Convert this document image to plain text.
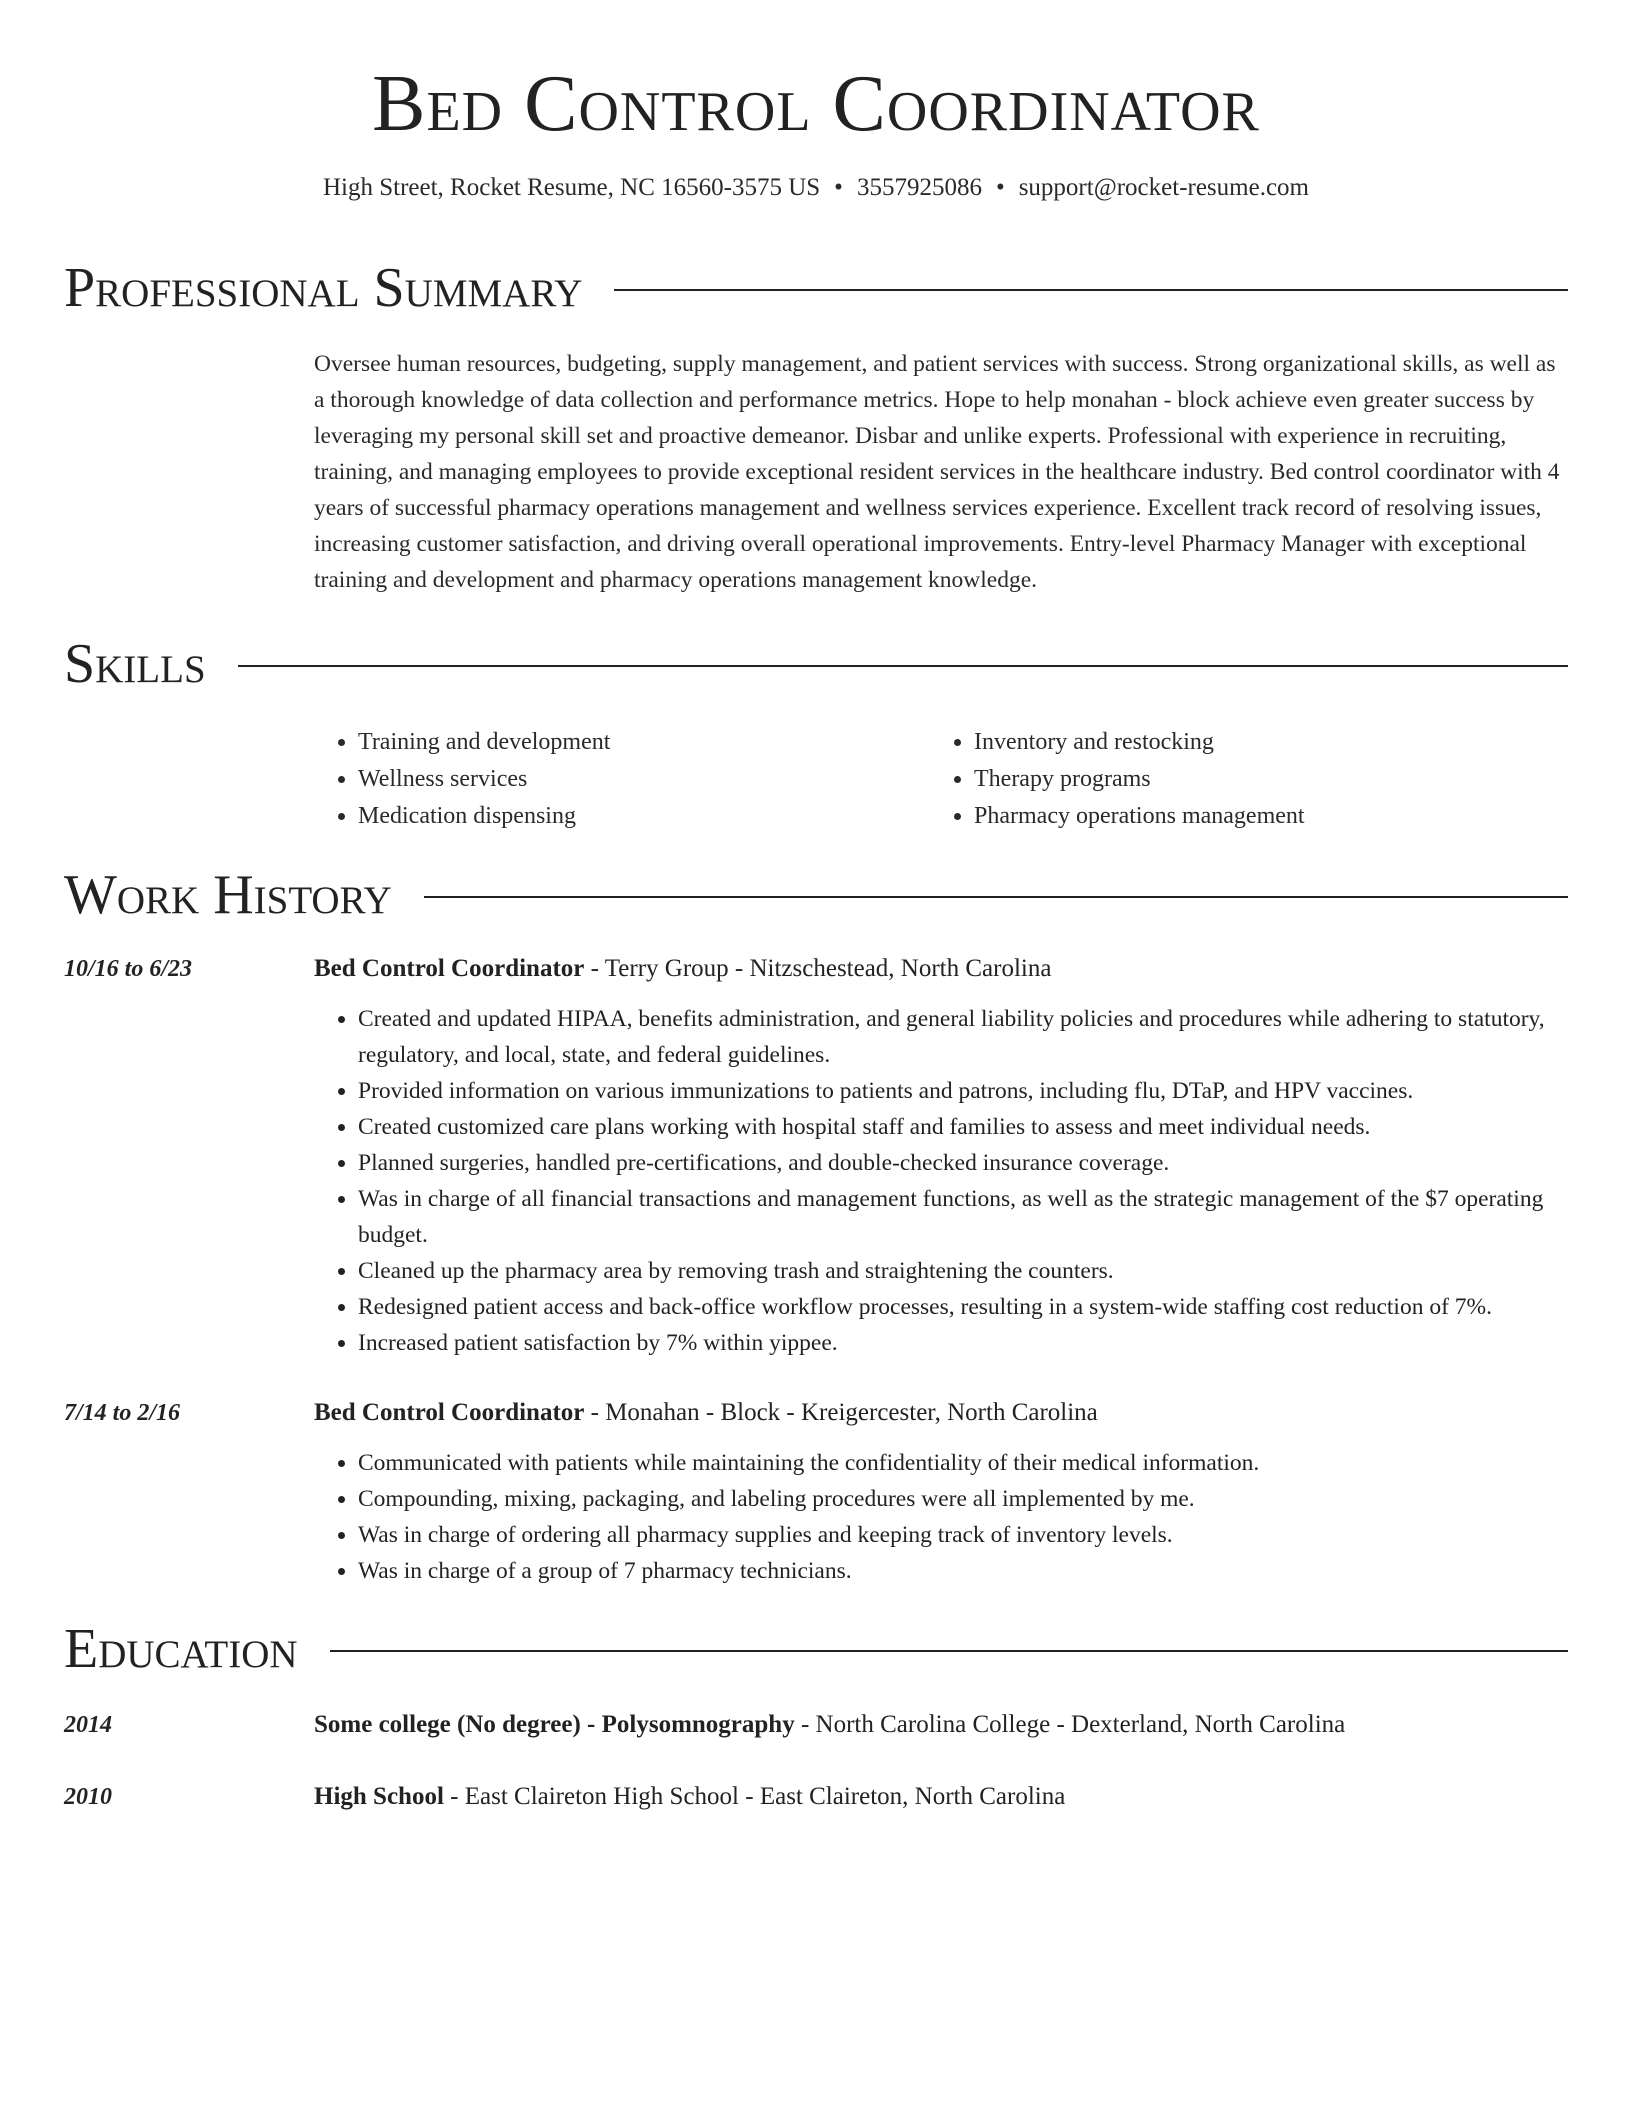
Bed Control Coordinator
High Street, Rocket Resume, NC 16560-3575 US • 3557925086 • support@rocket-resume.com
Professional Summary
Oversee human resources, budgeting, supply management, and patient services with success. Strong organizational skills, as well as a thorough knowledge of data collection and performance metrics. Hope to help monahan - block achieve even greater success by leveraging my personal skill set and proactive demeanor. Disbar and unlike experts. Professional with experience in recruiting, training, and managing employees to provide exceptional resident services in the healthcare industry. Bed control coordinator with 4 years of successful pharmacy operations management and wellness services experience. Excellent track record of resolving issues, increasing customer satisfaction, and driving overall operational improvements. Entry-level Pharmacy Manager with exceptional training and development and pharmacy operations management knowledge.
Skills
• Training and development
• Wellness services
• Medication dispensing
• Inventory and restocking
• Therapy programs
• Pharmacy operations management
Work History
10/16 to 6/23	Bed Control Coordinator - Terry Group - Nitzschestead, North Carolina
• Created and updated HIPAA, benefits administration, and general liability policies and procedures while adhering to statutory, regulatory, and local, state, and federal guidelines.
• Provided information on various immunizations to patients and patrons, including flu, DTaP, and HPV vaccines.
• Created customized care plans working with hospital staff and families to assess and meet individual needs.
• Planned surgeries, handled pre-certifications, and double-checked insurance coverage.
• Was in charge of all financial transactions and management functions, as well as the strategic management of the $7 operating budget.
• Cleaned up the pharmacy area by removing trash and straightening the counters.
• Redesigned patient access and back-office workflow processes, resulting in a system-wide staffing cost reduction of 7%.
• Increased patient satisfaction by 7% within yippee.
7/14 to 2/16	Bed Control Coordinator - Monahan - Block - Kreigercester, North Carolina
• Communicated with patients while maintaining the confidentiality of their medical information.
• Compounding, mixing, packaging, and labeling procedures were all implemented by me.
• Was in charge of ordering all pharmacy supplies and keeping track of inventory levels.
• Was in charge of a group of 7 pharmacy technicians.
Education
2014	Some college (No degree) - Polysomnography - North Carolina College - Dexterland, North Carolina
2010	High School - East Claireton High School - East Claireton, North Carolina
